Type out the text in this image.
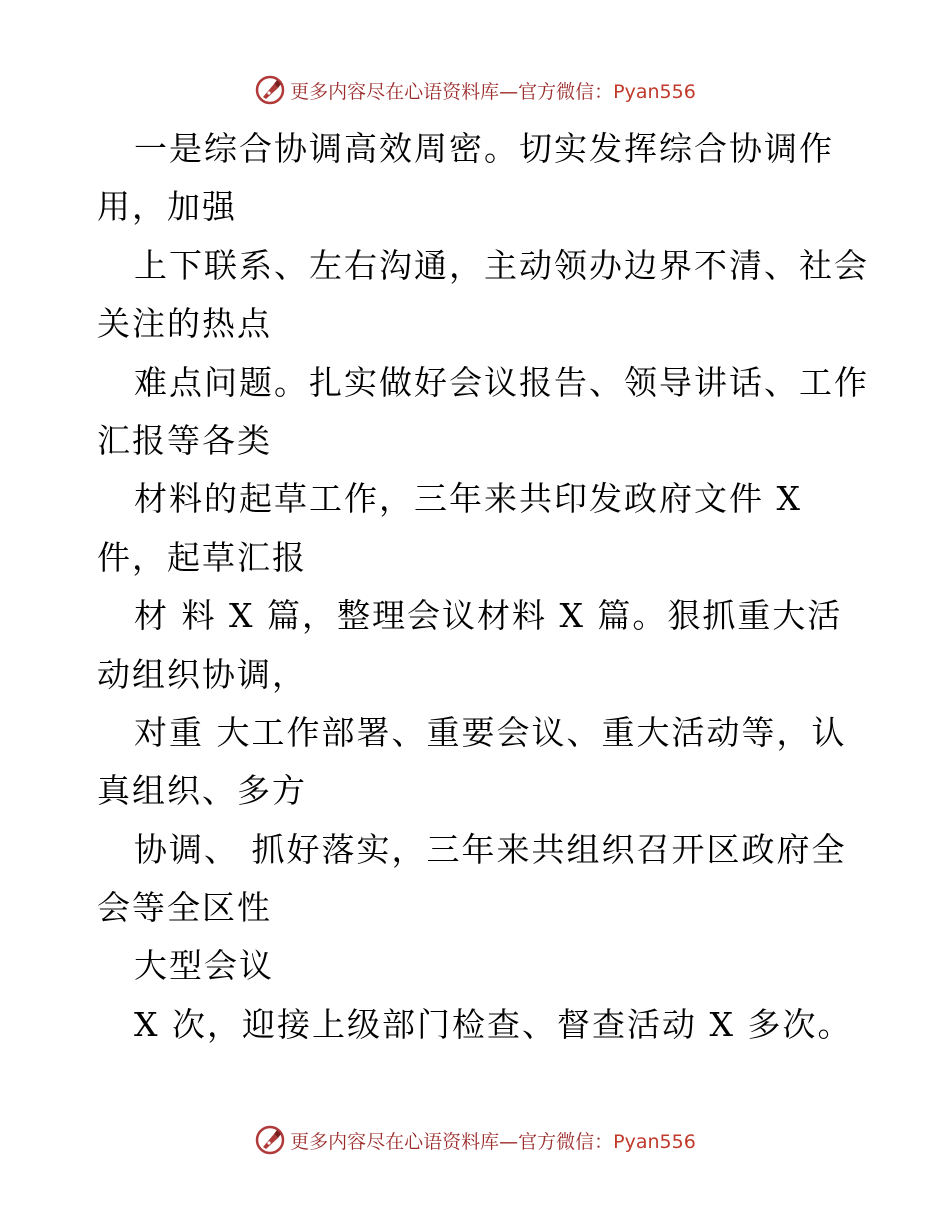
更多内容尽在心语资料库—官方微信：Pyan556
一是综合协调高效周密。切实发挥综合协调作
用，加强
上下联系、左右沟通，主动领办边界不清、社会
关注的热点
难点问题。扎实做好会议报告、领导讲话、工作
汇报等各类
材料的起草工作，三年来共印发政府文件 X
件，起草汇报
材 料 X 篇，整理会议材料 X 篇。狠抓重大活
动组织协调，
对重 大工作部署、重要会议、重大活动等，认
真组织、多方
协调、 抓好落实，三年来共组织召开区政府全
会等全区性
大型会议
X 次，迎接上级部门检查、督查活动 X 多次。
更多内容尽在心语资料库—官方微信：Pyan556
